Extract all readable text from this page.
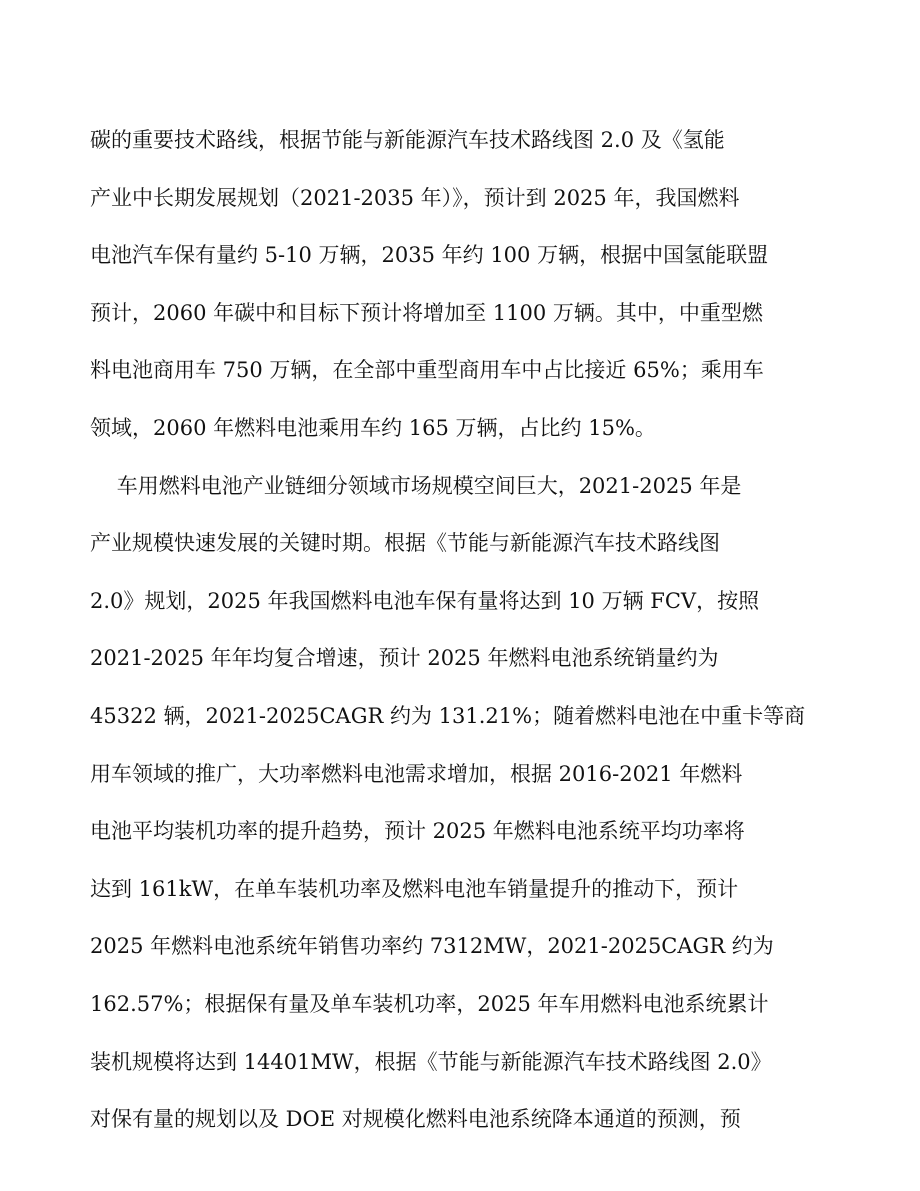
碳的重要技术路线，根据节能与新能源汽车技术路线图 2.0 及《氢能
产业中长期发展规划（2021-2035 年）》，预计到 2025 年，我国燃料
电池汽车保有量约 5-10 万辆，2035 年约 100 万辆，根据中国氢能联盟
预计，2060 年碳中和目标下预计将增加至 1100 万辆。其中，中重型燃
料电池商用车 750 万辆，在全部中重型商用车中占比接近 65%；乘用车
领域，2060 年燃料电池乘用车约 165 万辆，占比约 15%。
车用燃料电池产业链细分领域市场规模空间巨大，2021-2025 年是
产业规模快速发展的关键时期。根据《节能与新能源汽车技术路线图
2.0》规划，2025 年我国燃料电池车保有量将达到 10 万辆 FCV，按照
2021-2025 年年均复合增速，预计 2025 年燃料电池系统销量约为
45322 辆，2021-2025CAGR 约为 131.21%；随着燃料电池在中重卡等商
用车领域的推广，大功率燃料电池需求增加，根据 2016-2021 年燃料
电池平均装机功率的提升趋势，预计 2025 年燃料电池系统平均功率将
达到 161kW，在单车装机功率及燃料电池车销量提升的推动下，预计
2025 年燃料电池系统年销售功率约 7312MW，2021-2025CAGR 约为
162.57%；根据保有量及单车装机功率，2025 年车用燃料电池系统累计
装机规模将达到 14401MW，根据《节能与新能源汽车技术路线图 2.0》
对保有量的规划以及 DOE 对规模化燃料电池系统降本通道的预测，预
